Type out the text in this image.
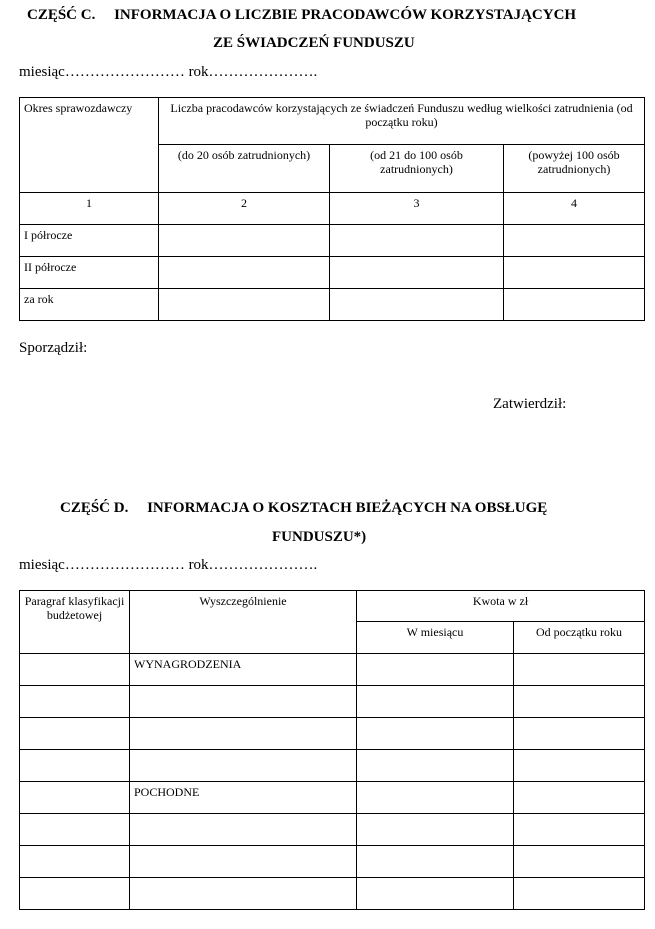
CZĘŚĆ C.     INFORMACJA O LICZBIE PRACODAWCÓW KORZYSTAJĄCYCH
ZE ŚWIADCZEŃ FUNDUSZU
miesiąc…………………… rok………………….
Okres sprawozdawczy	Liczba pracodawców korzystających ze świadczeń Funduszu według wielkości zatrudnienia (od początku roku)		
	(do 20 osób zatrudnionych)	(od 21 do 100 osób zatrudnionych)	(powyżej 100 osób zatrudnionych)
1	2	3	4
I półrocze			
II półrocze			
za rok			
Sporządził:
Zatwierdził:
CZĘŚĆ D.     INFORMACJA O KOSZTACH BIEŻĄCYCH NA OBSŁUGĘ
FUNDUSZU*)
miesiąc…………………… rok………………….
Paragraf klasyfikacji budżetowej	Wyszczególnienie	Kwota w zł	
		W miesiącu	Od początku roku
	WYNAGRODZENIA		

	POCHODNE		
